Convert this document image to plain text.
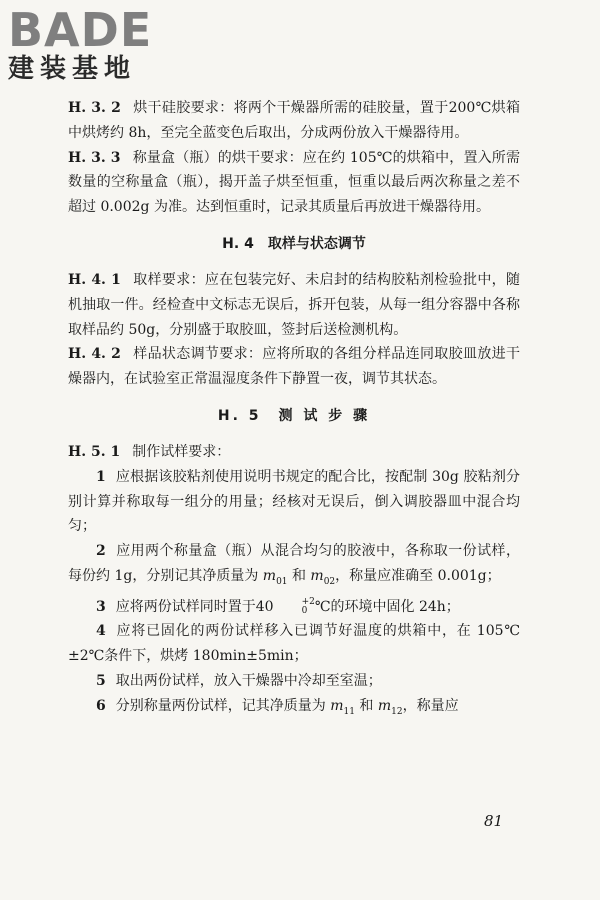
BADE
建装基地

H. 3. 2 烘干硅胶要求：将两个干燥器所需的硅胶量，置于200℃烘箱中烘烤约 8h，至完全蓝变色后取出，分成两份放入干燥器待用。

H. 3. 3 称量盒（瓶）的烘干要求：应在约 105℃的烘箱中，置入所需数量的空称量盒（瓶），揭开盖子烘至恒重，恒重以最后两次称量之差不超过 0.002g 为准。达到恒重时，记录其质量后再放进干燥器待用。

H. 4　取样与状态调节

H. 4. 1 取样要求：应在包装完好、未启封的结构胶粘剂检验批中，随机抽取一件。经检查中文标志无误后，拆开包装，从每一组分容器中各称取样品约 50g，分别盛于取胶皿，签封后送检测机构。

H. 4. 2 样品状态调节要求：应将所取的各组分样品连同取胶皿放进干燥器内，在试验室正常温湿度条件下静置一夜，调节其状态。

H. 5　测 试 步 骤

H. 5. 1 制作试样要求：

1 应根据该胶粘剂使用说明书规定的配合比，按配制 30g 胶粘剂分别计算并称取每一组分的用量；经核对无误后，倒入调胶器皿中混合均匀；

2 应用两个称量盒（瓶）从混合均匀的胶液中，各称取一份试样，每份约 1g，分别记其净质量为 $m_{01}$ 和 $m_{02}$，称量应准确至 0.001g；

3 应将两份试样同时置于40	+2
0 ℃的环境中固化 24h；

4 应将已固化的两份试样移入已调节好温度的烘箱中，在 105℃±2℃条件下，烘烤 180min±5min；

5 取出两份试样，放入干燥器中冷却至室温；

6 分别称量两份试样，记其净质量为 $m_{11}$ 和 $m_{12}$，称量应

81
